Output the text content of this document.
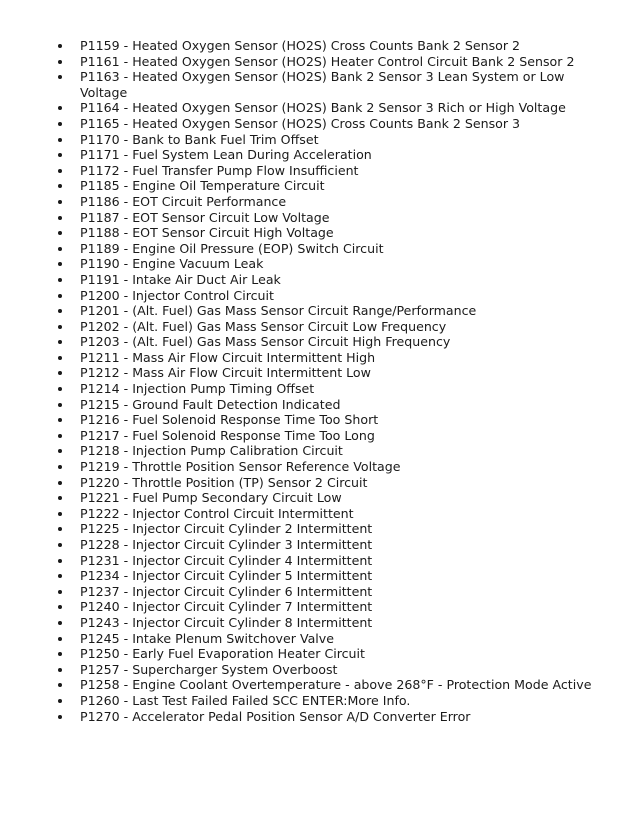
P1159 - Heated Oxygen Sensor (HO2S) Cross Counts Bank 2 Sensor 2
P1161 - Heated Oxygen Sensor (HO2S) Heater Control Circuit Bank 2 Sensor 2
P1163 - Heated Oxygen Sensor (HO2S) Bank 2 Sensor 3 Lean System or Low Voltage
P1164 - Heated Oxygen Sensor (HO2S) Bank 2 Sensor 3 Rich or High Voltage
P1165 - Heated Oxygen Sensor (HO2S) Cross Counts Bank 2 Sensor 3
P1170 - Bank to Bank Fuel Trim Offset
P1171 - Fuel System Lean During Acceleration
P1172 - Fuel Transfer Pump Flow Insufficient
P1185 - Engine Oil Temperature Circuit
P1186 - EOT Circuit Performance
P1187 - EOT Sensor Circuit Low Voltage
P1188 - EOT Sensor Circuit High Voltage
P1189 - Engine Oil Pressure (EOP) Switch Circuit
P1190 - Engine Vacuum Leak
P1191 - Intake Air Duct Air Leak
P1200 - Injector Control Circuit
P1201 - (Alt. Fuel) Gas Mass Sensor Circuit Range/Performance
P1202 - (Alt. Fuel) Gas Mass Sensor Circuit Low Frequency
P1203 - (Alt. Fuel) Gas Mass Sensor Circuit High Frequency
P1211 - Mass Air Flow Circuit Intermittent High
P1212 - Mass Air Flow Circuit Intermittent Low
P1214 - Injection Pump Timing Offset
P1215 - Ground Fault Detection Indicated
P1216 - Fuel Solenoid Response Time Too Short
P1217 - Fuel Solenoid Response Time Too Long
P1218 - Injection Pump Calibration Circuit
P1219 - Throttle Position Sensor Reference Voltage
P1220 - Throttle Position (TP) Sensor 2 Circuit
P1221 - Fuel Pump Secondary Circuit Low
P1222 - Injector Control Circuit Intermittent
P1225 - Injector Circuit Cylinder 2 Intermittent
P1228 - Injector Circuit Cylinder 3 Intermittent
P1231 - Injector Circuit Cylinder 4 Intermittent
P1234 - Injector Circuit Cylinder 5 Intermittent
P1237 - Injector Circuit Cylinder 6 Intermittent
P1240 - Injector Circuit Cylinder 7 Intermittent
P1243 - Injector Circuit Cylinder 8 Intermittent
P1245 - Intake Plenum Switchover Valve
P1250 - Early Fuel Evaporation Heater Circuit
P1257 - Supercharger System Overboost
P1258 - Engine Coolant Overtemperature - above 268°F - Protection Mode Active
P1260 - Last Test Failed Failed SCC ENTER:More Info.
P1270 - Accelerator Pedal Position Sensor A/D Converter Error
